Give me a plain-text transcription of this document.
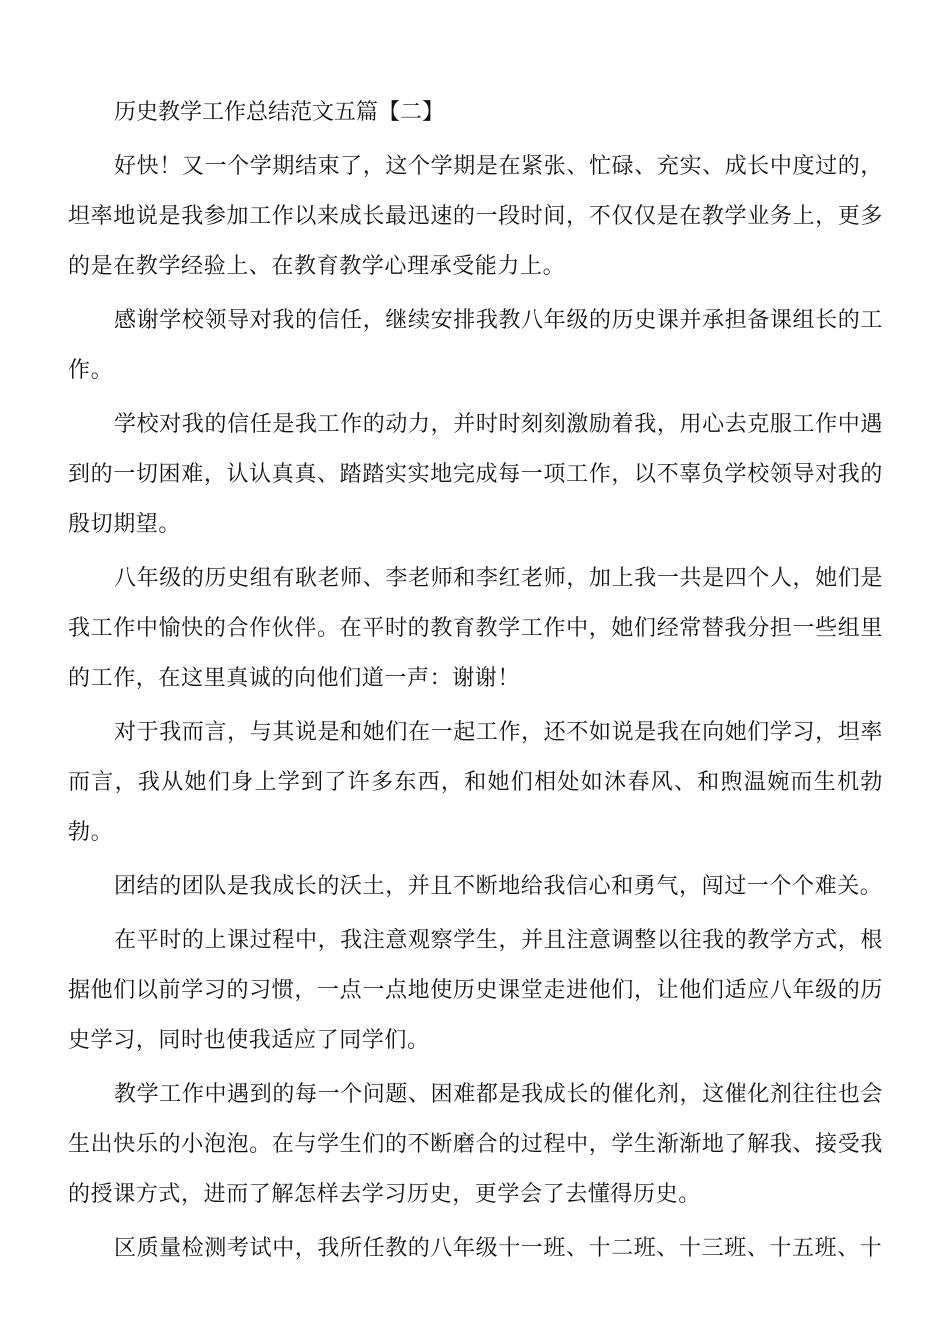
历史教学工作总结范文五篇【二】

好快！又一个学期结束了，这个学期是在紧张、忙碌、充实、成长中度过的，坦率地说是我参加工作以来成长最迅速的一段时间，不仅仅是在教学业务上，更多的是在教学经验上、在教育教学心理承受能力上。

感谢学校领导对我的信任，继续安排我教八年级的历史课并承担备课组长的工作。

学校对我的信任是我工作的动力，并时时刻刻激励着我，用心去克服工作中遇到的一切困难，认认真真、踏踏实实地完成每一项工作，以不辜负学校领导对我的殷切期望。

八年级的历史组有耿老师、李老师和李红老师，加上我一共是四个人，她们是我工作中愉快的合作伙伴。在平时的教育教学工作中，她们经常替我分担一些组里的工作，在这里真诚的向他们道一声：谢谢！

对于我而言，与其说是和她们在一起工作，还不如说是我在向她们学习，坦率而言，我从她们身上学到了许多东西，和她们相处如沐春风、和煦温婉而生机勃勃。

团结的团队是我成长的沃土，并且不断地给我信心和勇气，闯过一个个难关。

在平时的上课过程中，我注意观察学生，并且注意调整以往我的教学方式，根据他们以前学习的习惯，一点一点地使历史课堂走进他们，让他们适应八年级的历史学习，同时也使我适应了同学们。

教学工作中遇到的每一个问题、困难都是我成长的催化剂，这催化剂往往也会生出快乐的小泡泡。在与学生们的不断磨合的过程中，学生渐渐地了解我、接受我的授课方式，进而了解怎样去学习历史，更学会了去懂得历史。

区质量检测考试中，我所任教的八年级十一班、十二班、十三班、十五班、十
